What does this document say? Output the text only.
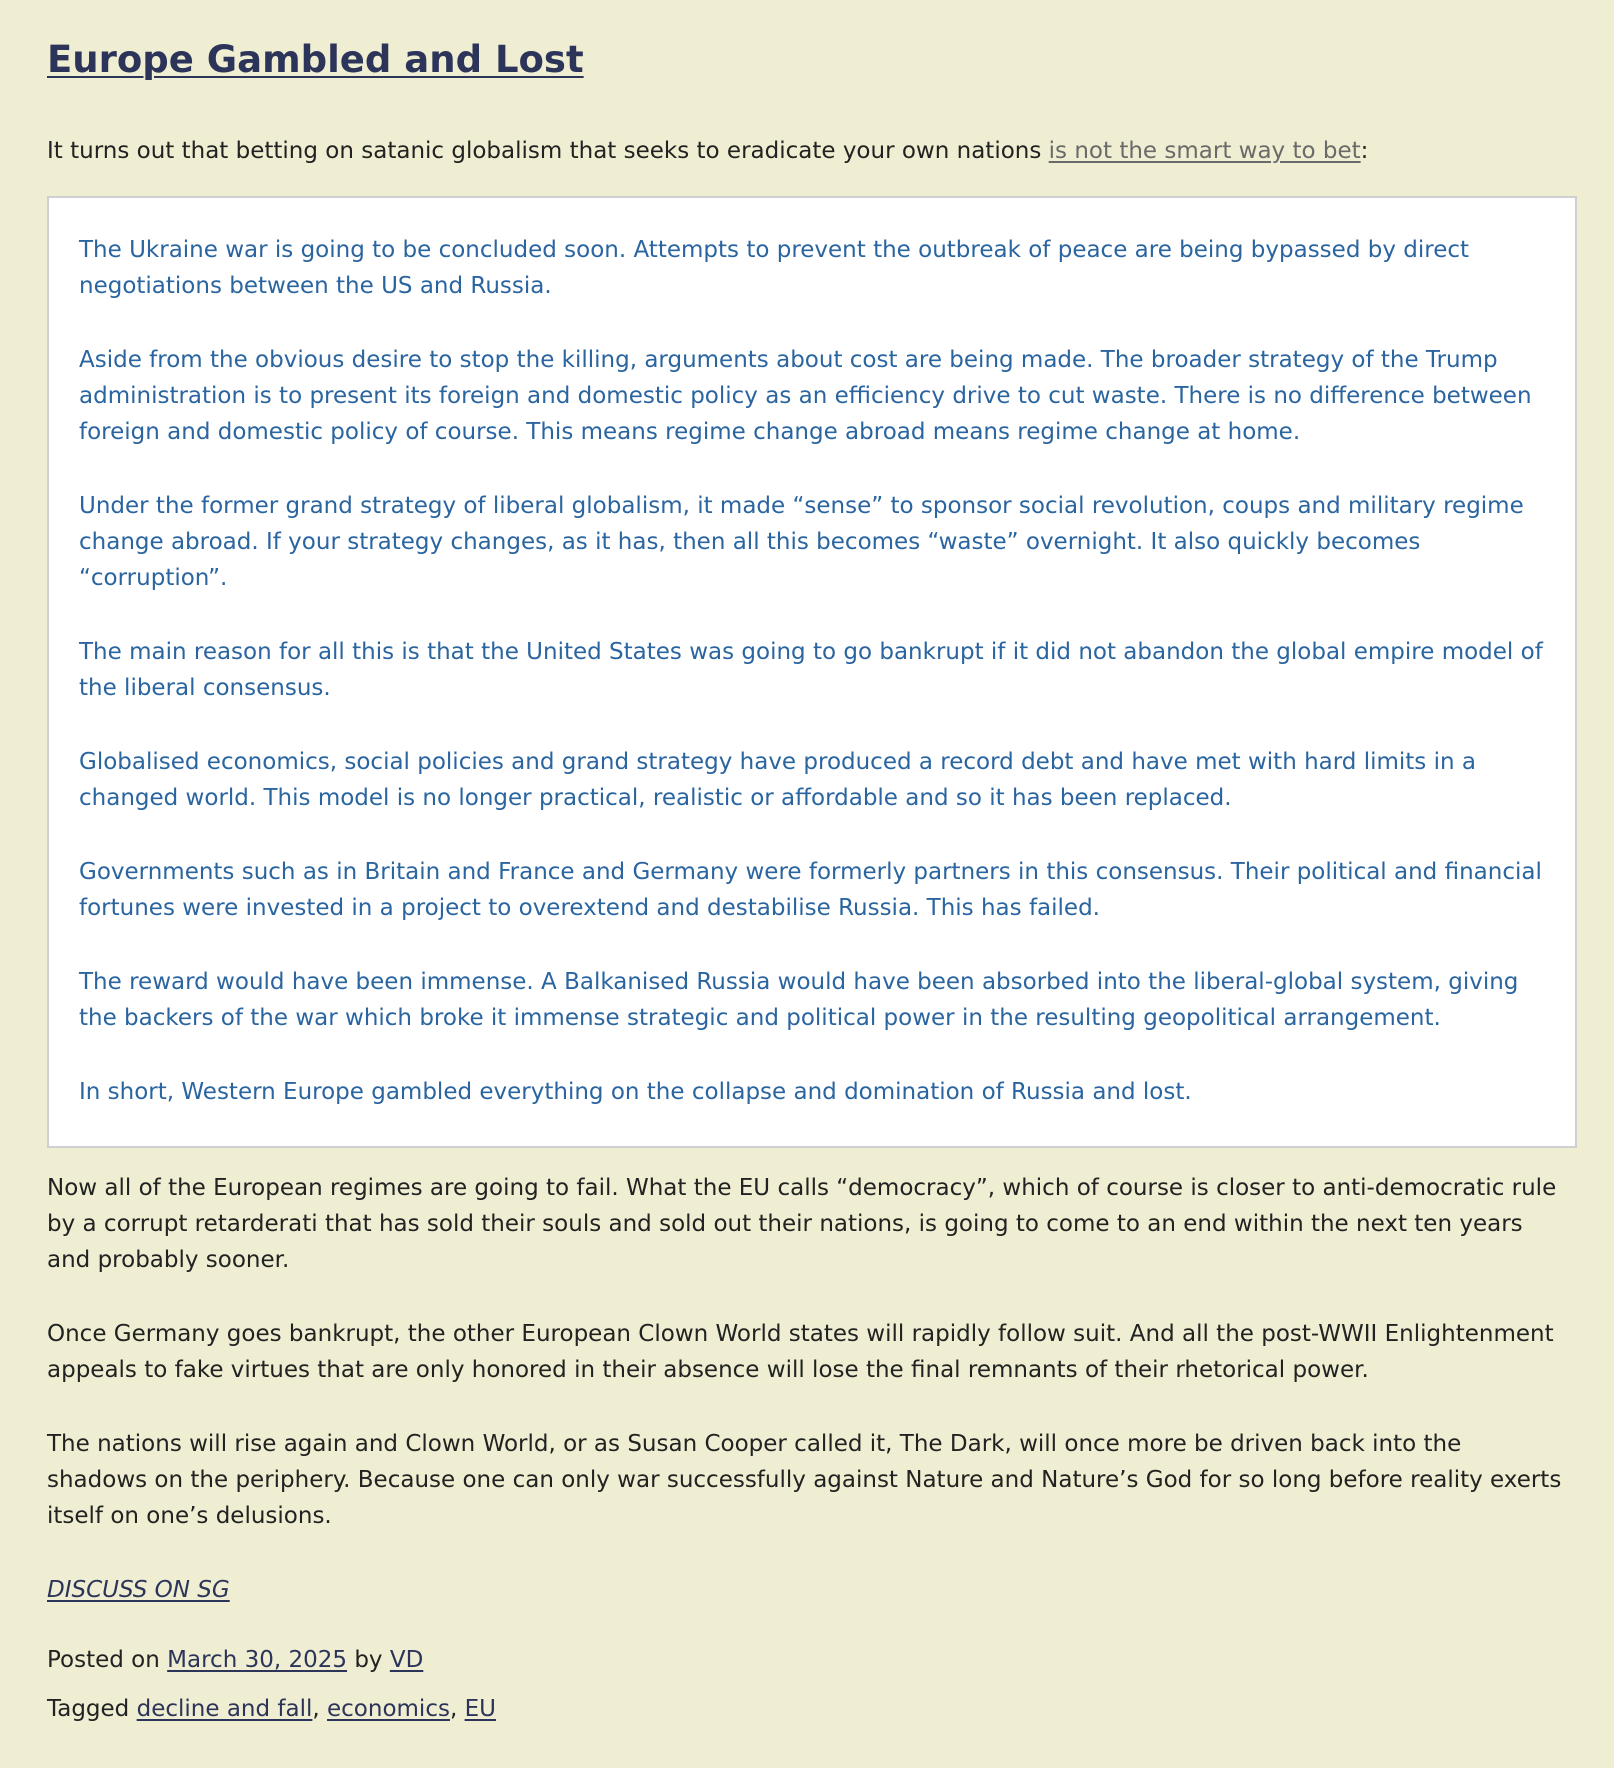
Europe Gambled and Lost

It turns out that betting on satanic globalism that seeks to eradicate your own nations is not the smart way to bet:

The Ukraine war is going to be concluded soon. Attempts to prevent the outbreak of peace are being bypassed by direct negotiations between the US and Russia.

Aside from the obvious desire to stop the killing, arguments about cost are being made. The broader strategy of the Trump administration is to present its foreign and domestic policy as an efficiency drive to cut waste. There is no difference between foreign and domestic policy of course. This means regime change abroad means regime change at home.

Under the former grand strategy of liberal globalism, it made “sense” to sponsor social revolution, coups and military regime change abroad. If your strategy changes, as it has, then all this becomes “waste” overnight. It also quickly becomes “corruption”.

The main reason for all this is that the United States was going to go bankrupt if it did not abandon the global empire model of the liberal consensus.

Globalised economics, social policies and grand strategy have produced a record debt and have met with hard limits in a changed world. This model is no longer practical, realistic or affordable and so it has been replaced.

Governments such as in Britain and France and Germany were formerly partners in this consensus. Their political and financial fortunes were invested in a project to overextend and destabilise Russia. This has failed.

The reward would have been immense. A Balkanised Russia would have been absorbed into the liberal-global system, giving the backers of the war which broke it immense strategic and political power in the resulting geopolitical arrangement.

In short, Western Europe gambled everything on the collapse and domination of Russia and lost.

Now all of the European regimes are going to fail. What the EU calls “democracy”, which of course is closer to anti-democratic rule by a corrupt retarderati that has sold their souls and sold out their nations, is going to come to an end within the next ten years and probably sooner.

Once Germany goes bankrupt, the other European Clown World states will rapidly follow suit. And all the post-WWII Enlightenment appeals to fake virtues that are only honored in their absence will lose the final remnants of their rhetorical power.

The nations will rise again and Clown World, or as Susan Cooper called it, The Dark, will once more be driven back into the shadows on the periphery. Because one can only war successfully against Nature and Nature’s God for so long before reality exerts itself on one’s delusions.

DISCUSS ON SG

Posted on March 30, 2025 by VD

Tagged decline and fall, economics, EU
